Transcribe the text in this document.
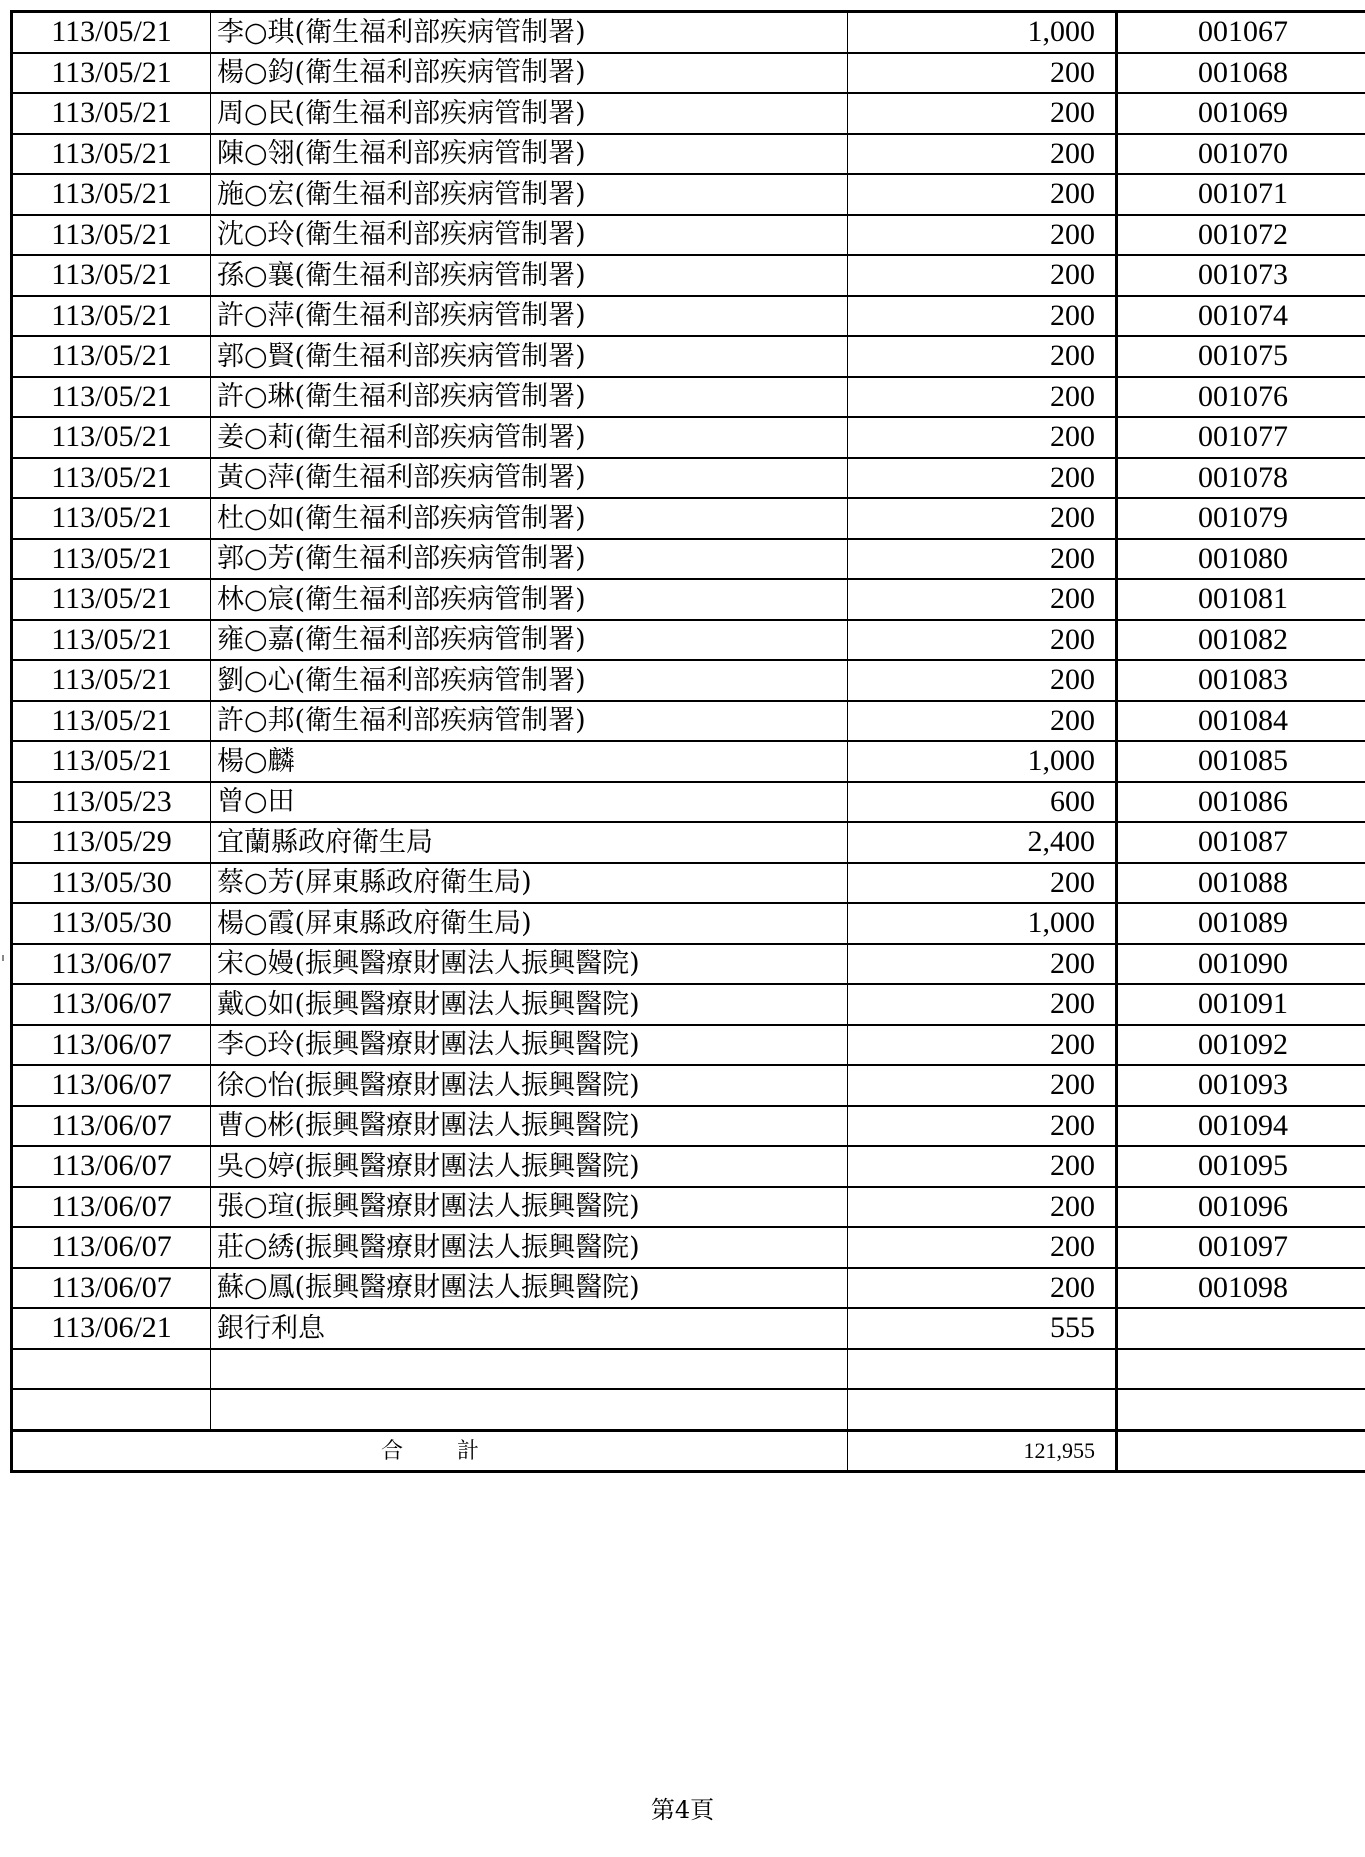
113/05/21	李○琪(衛生福利部疾病管制署)	1,000	001067
113/05/21	楊○鈞(衛生福利部疾病管制署)	200	001068
113/05/21	周○民(衛生福利部疾病管制署)	200	001069
113/05/21	陳○翎(衛生福利部疾病管制署)	200	001070
113/05/21	施○宏(衛生福利部疾病管制署)	200	001071
113/05/21	沈○玲(衛生福利部疾病管制署)	200	001072
113/05/21	孫○襄(衛生福利部疾病管制署)	200	001073
113/05/21	許○萍(衛生福利部疾病管制署)	200	001074
113/05/21	郭○賢(衛生福利部疾病管制署)	200	001075
113/05/21	許○琳(衛生福利部疾病管制署)	200	001076
113/05/21	姜○莉(衛生福利部疾病管制署)	200	001077
113/05/21	黃○萍(衛生福利部疾病管制署)	200	001078
113/05/21	杜○如(衛生福利部疾病管制署)	200	001079
113/05/21	郭○芳(衛生福利部疾病管制署)	200	001080
113/05/21	林○宸(衛生福利部疾病管制署)	200	001081
113/05/21	雍○嘉(衛生福利部疾病管制署)	200	001082
113/05/21	劉○心(衛生福利部疾病管制署)	200	001083
113/05/21	許○邦(衛生福利部疾病管制署)	200	001084
113/05/21	楊○麟	1,000	001085
113/05/23	曾○田	600	001086
113/05/29	宜蘭縣政府衛生局	2,400	001087
113/05/30	蔡○芳(屏東縣政府衛生局)	200	001088
113/05/30	楊○霞(屏東縣政府衛生局)	1,000	001089
113/06/07	宋○嫚(振興醫療財團法人振興醫院)	200	001090
113/06/07	戴○如(振興醫療財團法人振興醫院)	200	001091
113/06/07	李○玲(振興醫療財團法人振興醫院)	200	001092
113/06/07	徐○怡(振興醫療財團法人振興醫院)	200	001093
113/06/07	曹○彬(振興醫療財團法人振興醫院)	200	001094
113/06/07	吳○婷(振興醫療財團法人振興醫院)	200	001095
113/06/07	張○瑄(振興醫療財團法人振興醫院)	200	001096
113/06/07	莊○綉(振興醫療財團法人振興醫院)	200	001097
113/06/07	蘇○鳳(振興醫療財團法人振興醫院)	200	001098
113/06/21	銀行利息	555	

合計		121,955	
第4頁
